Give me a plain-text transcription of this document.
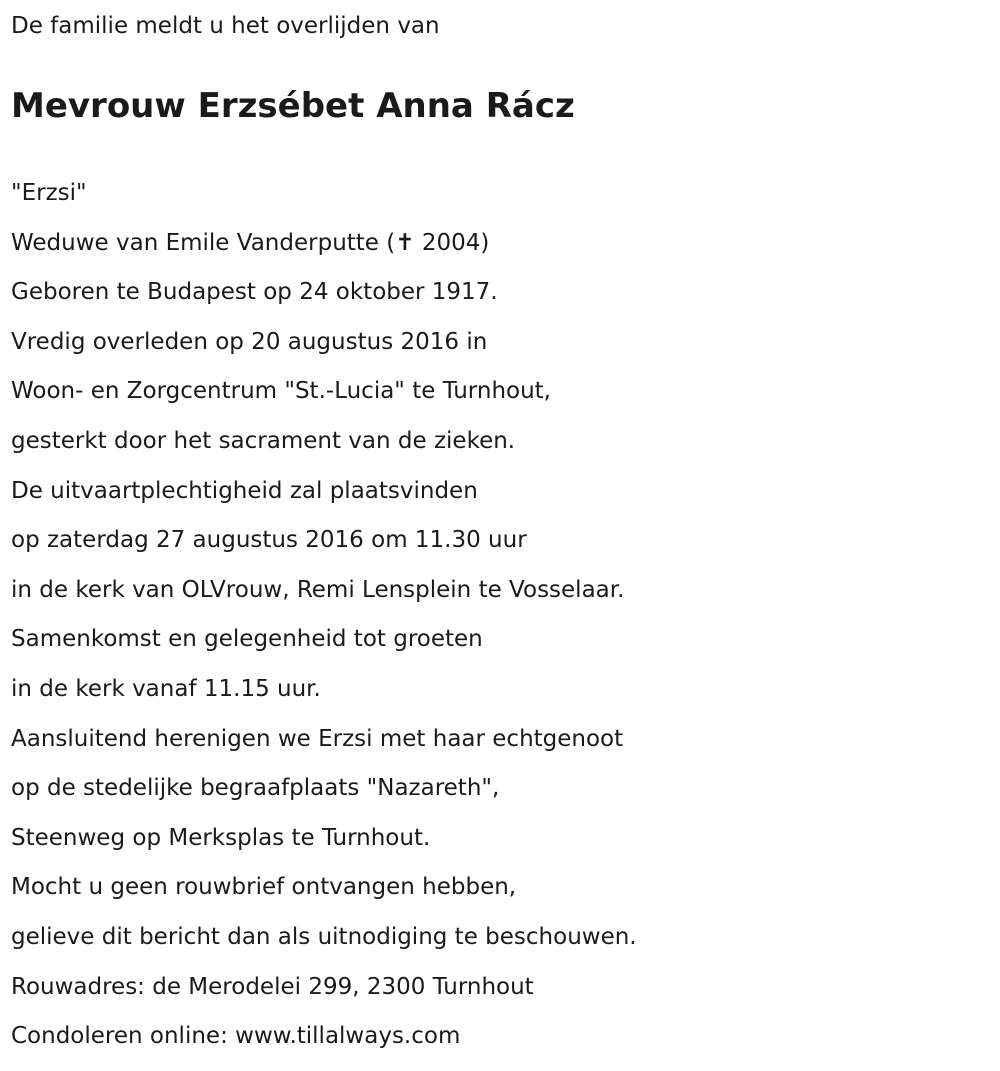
De familie meldt u het overlijden van
Mevrouw Erzsébet Anna Rácz
"Erzsi"
Weduwe van Emile Vanderputte (✝ 2004)
Geboren te Budapest op 24 oktober 1917.
Vredig overleden op 20 augustus 2016 in
Woon- en Zorgcentrum "St.-Lucia" te Turnhout,
gesterkt door het sacrament van de zieken.
De uitvaartplechtigheid zal plaatsvinden
op zaterdag 27 augustus 2016 om 11.30 uur
in de kerk van OLVrouw, Remi Lensplein te Vosselaar.
Samenkomst en gelegenheid tot groeten
in de kerk vanaf 11.15 uur.
Aansluitend herenigen we Erzsi met haar echtgenoot
op de stedelijke begraafplaats "Nazareth",
Steenweg op Merksplas te Turnhout.
Mocht u geen rouwbrief ontvangen hebben,
gelieve dit bericht dan als uitnodiging te beschouwen.
Rouwadres: de Merodelei 299, 2300 Turnhout
Condoleren online: www.tillalways.com
